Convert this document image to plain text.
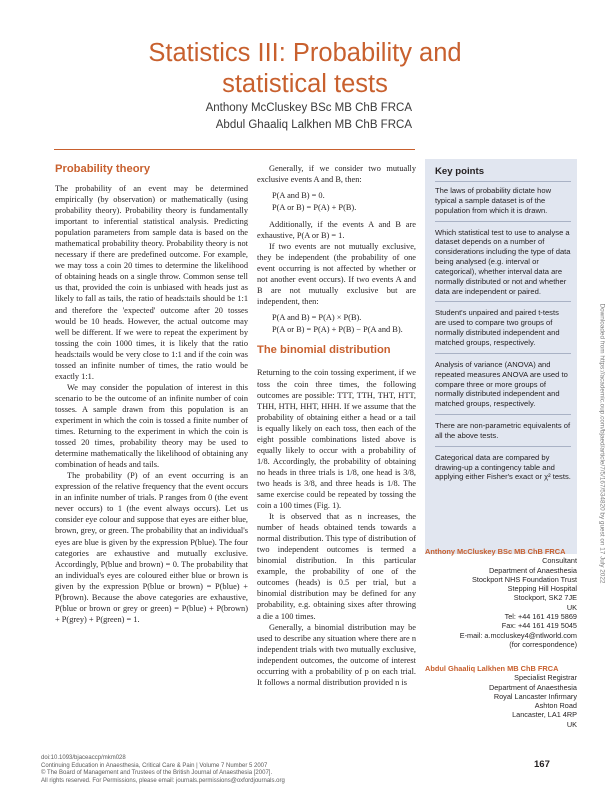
Statistics III: Probability and
statistical tests
Anthony McCluskey BSc MB ChB FRCA
Abdul Ghaaliq Lalkhen MB ChB FRCA
Probability theory

The probability of an event may be determined empirically (by observation) or mathematically (using probability theory). Probability theory is fundamentally important to inferential statistical analysis. Predicting population parameters from sample data is based on the mathematical probability theory. Probability theory is not necessary if there are predefined outcome. For example, we may toss a coin 20 times to determine the likelihood of obtaining heads on a single throw. Common sense tell us that, provided the coin is unbiased with heads just as likely to fall as tails, the ratio of heads:tails should be 1:1 and therefore the 'expected' outcome after 20 tosses would be 10 heads. However, the actual outcome may well be different. If we were to repeat the experiment by tossing the coin 1000 times, it is likely that the ratio heads:tails would be very close to 1:1 and if the coin was tossed an infinite number of times, the ratio would be exactly 1:1.

We may consider the population of interest in this scenario to be the outcome of an infinite number of coin tosses. A sample drawn from this population is an experiment in which the coin is tossed a finite number of times. Returning to the experiment in which the coin is tossed 20 times, probability theory may be used to determine mathematically the likelihood of obtaining any combination of heads and tails.

The probability (P) of an event occurring is an expression of the relative frequency that the event occurs in an infinite number of trials. P ranges from 0 (the event never occurs) to 1 (the event always occurs). Let us consider eye colour and suppose that eyes are either blue, brown, grey, or green. The probability that an individual's eyes are blue is given by the expression P(blue). The four categories are exhaustive and mutually exclusive. Accordingly, P(blue and brown) = 0. The probability that an individual's eyes are coloured either blue or brown is given by the expression P(blue or brown) = P(blue) + P(brown). Because the above categories are exhaustive, P(blue or brown or grey or green) = P(blue) + P(brown) + P(grey) + P(green) = 1.

Generally, if we consider two mutually exclusive events A and B, then:

P(A and B) = 0.
P(A or B) = P(A) + P(B).

Additionally, if the events A and B are exhaustive, P(A or B) = 1.

If two events are not mutually exclusive, they be independent (the probability of one event occurring is not affected by whether or not another event occurs). If two events A and B are not mutually exclusive but are independent, then:

P(A and B) = P(A) × P(B).
P(A or B) = P(A) + P(B) − P(A and B).
The binomial distribution

Returning to the coin tossing experiment, if we toss the coin three times, the following outcomes are possible: TTT, TTH, THT, HTT, THH, HTH, HHT, HHH. If we assume that the probability of obtaining either a head or a tail is equally likely on each toss, then each of the eight possible combinations listed above is equally likely to occur with a probability of 1/8. Accordingly, the probability of obtaining no heads in three trials is 1/8, one head is 3/8, two heads is 3/8, and three heads is 1/8. The same exercise could be repeated by tossing the coin a 100 times (Fig. 1).

It is observed that as n increases, the number of heads obtained tends towards a normal distribution. This type of distribution of two independent outcomes is termed a binomial distribution. In this particular example, the probability of one of the outcomes (heads) is 0.5 per trial, but a binomial distribution may be defined for any probability, e.g. obtaining sixes after throwing a die a 100 times.

Generally, a binomial distribution may be used to describe any situation where there are n independent trials with two mutually exclusive, independent outcomes, the outcome of interest occurring with a probability of p on each trial. It follows a normal distribution provided n is

Key points
The laws of probability dictate how typical a sample dataset is of the population from which it is drawn.
Which statistical test to use to analyse a dataset depends on a number of considerations including the type of data being analysed (e.g. interval or categorical), whether interval data are normally distributed or not and whether data are independent or paired.
Student's unpaired and paired t-tests are used to compare two groups of normally distributed independent and matched groups, respectively.
Analysis of variance (ANOVA) and repeated measures ANOVA are used to compare three or more groups of normally distributed independent and matched groups, respectively.
There are non-parametric equivalents of all the above tests.
Categorical data are compared by drawing-up a contingency table and applying either Fisher's exact or χ² tests.
Anthony McCluskey BSc MB ChB FRCA
Consultant
Department of Anaesthesia
Stockport NHS Foundation Trust
Stepping Hill Hospital
Stockport, SK2 7JE
UK
Tel: +44 161 419 5869
Fax: +44 161 419 5045
E-mail: a.mccluskey4@ntlworld.com
(for correspondence)
Abdul Ghaaliq Lalkhen MB ChB FRCA
Specialist Registrar
Department of Anaesthesia
Royal Lancaster Infirmary
Ashton Road
Lancaster, LA1 4RP
UK
doi:10.1093/bjaceaccp/mkm028
Continuing Education in Anaesthesia, Critical Care & Pain | Volume 7 Number 5 2007
© The Board of Management and Trustees of the British Journal of Anaesthesia [2007].
All rights reserved. For Permissions, please email: journals.permissions@oxfordjournals.org
167
Downloaded from https://academic.oup.com/bjaed/article/7/5/167/534820 by guest on 17 July 2022
